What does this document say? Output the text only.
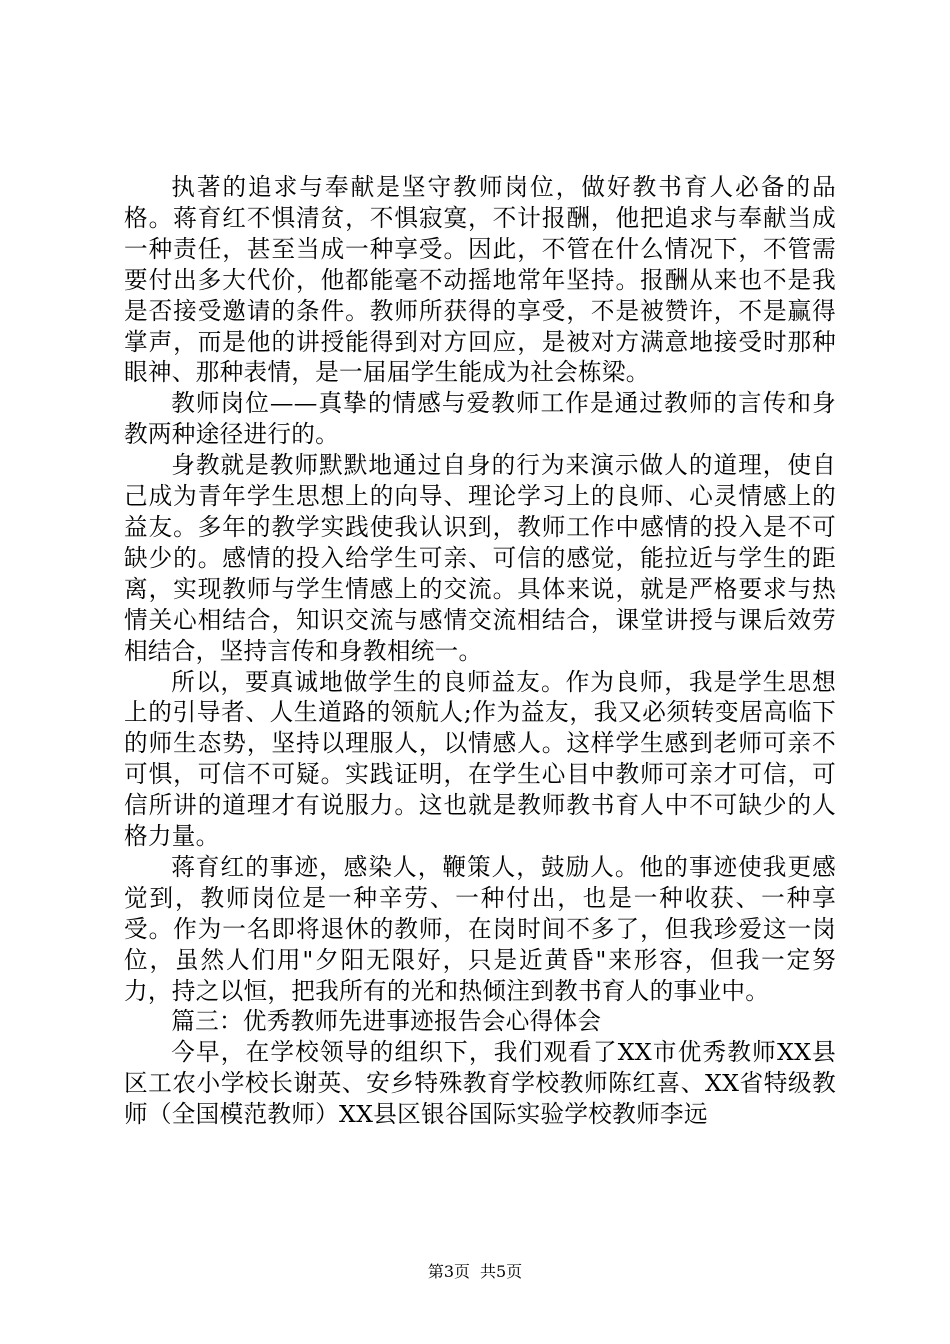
执著的追求与奉献是坚守教师岗位，做好教书育人必备的品格。蒋育红不惧清贫，不惧寂寞，不计报酬，他把追求与奉献当成一种责任，甚至当成一种享受。因此，不管在什么情况下，不管需要付出多大代价，他都能毫不动摇地常年坚持。报酬从来也不是我是否接受邀请的条件。教师所获得的享受，不是被赞许，不是赢得掌声，而是他的讲授能得到对方回应，是被对方满意地接受时那种眼神、那种表情，是一届届学生能成为社会栋梁。

教师岗位——真挚的情感与爱教师工作是通过教师的言传和身教两种途径进行的。

身教就是教师默默地通过自身的行为来演示做人的道理，使自己成为青年学生思想上的向导、理论学习上的良师、心灵情感上的益友。多年的教学实践使我认识到，教师工作中感情的投入是不可缺少的。感情的投入给学生可亲、可信的感觉，能拉近与学生的距离，实现教师与学生情感上的交流。具体来说，就是严格要求与热情关心相结合，知识交流与感情交流相结合，课堂讲授与课后效劳相结合，坚持言传和身教相统一。

所以，要真诚地做学生的良师益友。作为良师，我是学生思想上的引导者、人生道路的领航人;作为益友，我又必须转变居高临下的师生态势，坚持以理服人，以情感人。这样学生感到老师可亲不可惧，可信不可疑。实践证明，在学生心目中教师可亲才可信，可信所讲的道理才有说服力。这也就是教师教书育人中不可缺少的人格力量。

蒋育红的事迹，感染人，鞭策人，鼓励人。他的事迹使我更感觉到，教师岗位是一种辛劳、一种付出，也是一种收获、一种享受。作为一名即将退休的教师，在岗时间不多了，但我珍爱这一岗位，虽然人们用"夕阳无限好，只是近黄昏"来形容，但我一定努力，持之以恒，把我所有的光和热倾注到教书育人的事业中。

篇三：优秀教师先进事迹报告会心得体会

今早，在学校领导的组织下，我们观看了XX市优秀教师XX县区工农小学校长谢英、安乡特殊教育学校教师陈红喜、XX省特级教师（全国模范教师）XX县区银谷国际实验学校教师李远

第3页 共5页
